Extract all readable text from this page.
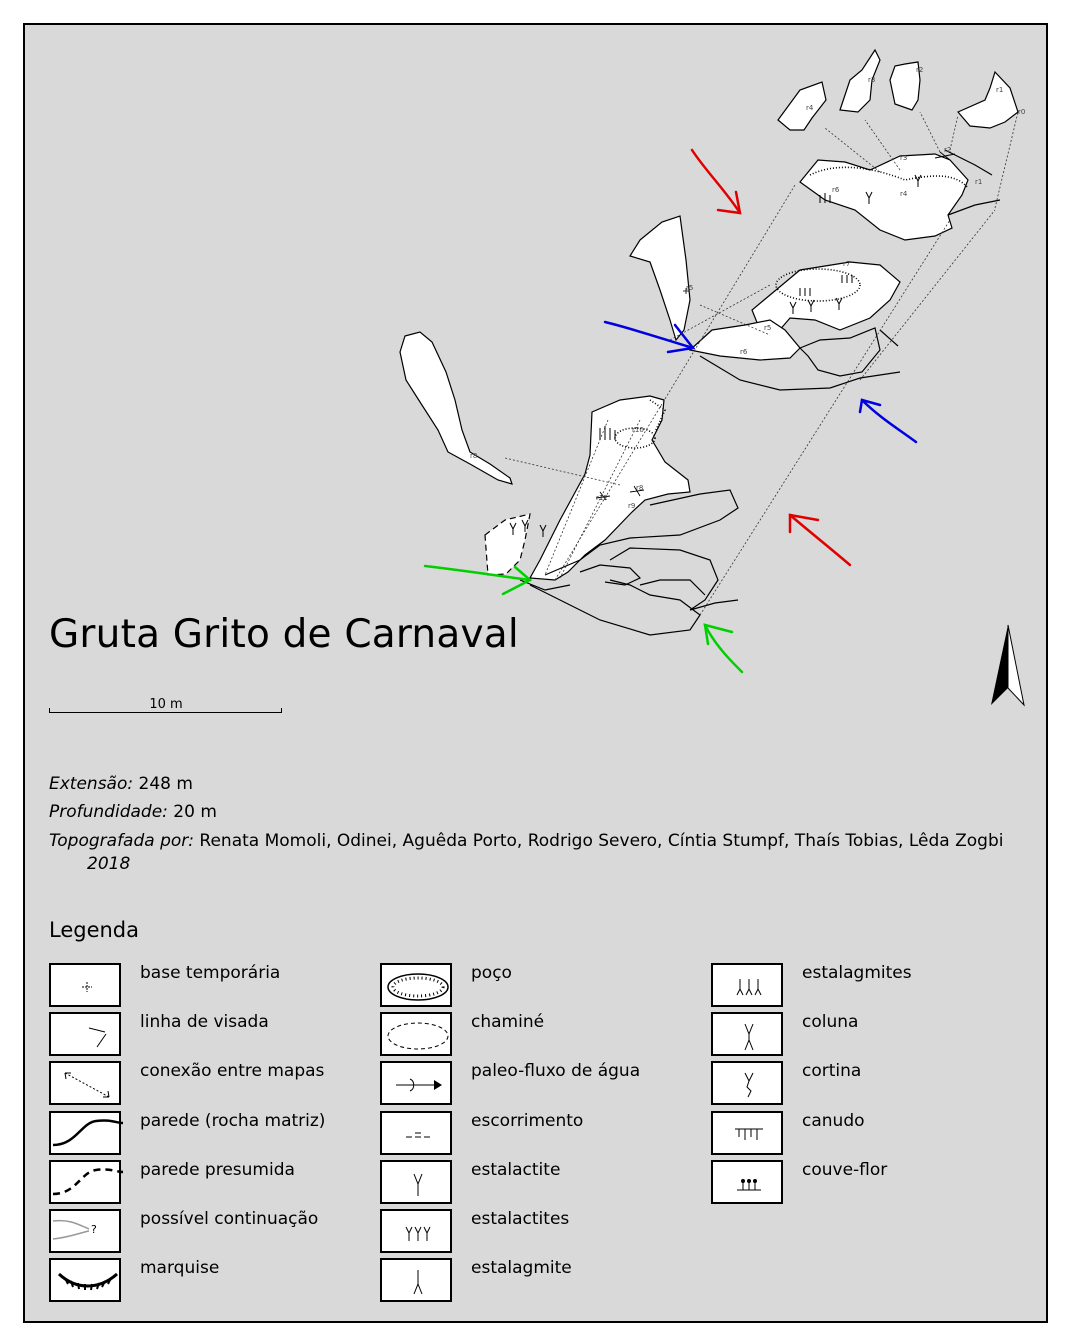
r0
r1
r2
r3
r4
r5
r6
r7
r8
r10
r12
r2
r3
r4
r5
r6
r8
r9
r1
Gruta Grito de Carnaval
10 m
Extensão: 248 m
Profundidade: 20 m
Topografada por: Renata Momoli, Odinei, Aguêda Porto, Rodrigo Severo, Cíntia Stumpf, Thaís Tobias, Lêda Zogbi
2018
Legenda
base temporária
linha de visada
conexão entre mapas
parede (rocha matriz)
parede presumida
?
possível continuação
marquise
poço
chaminé
paleo-fluxo de água
escorrimento
estalactite
estalactites
estalagmite
estalagmites
coluna
cortina
canudo
couve-flor
